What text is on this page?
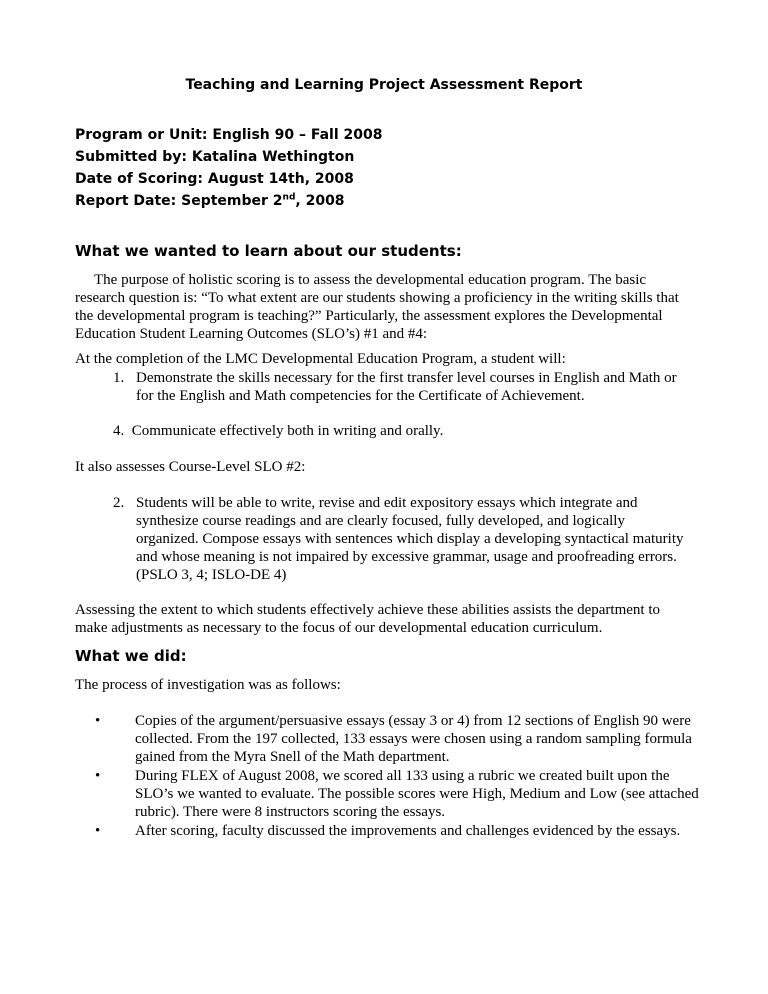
Teaching and Learning Project Assessment Report
Program or Unit: English 90 – Fall 2008
Submitted by: Katalina Wethington
Date of Scoring: August 14th, 2008
Report Date: September 2nd, 2008
What we wanted to learn about our students:
The purpose of holistic scoring is to assess the developmental education program. The basic
research question is: “To what extent are our students showing a proficiency in the writing skills that
the developmental program is teaching?” Particularly, the assessment explores the Developmental
Education Student Learning Outcomes (SLO’s) #1 and #4:
At the completion of the LMC Developmental Education Program, a student will:
1. Demonstrate the skills necessary for the first transfer level courses in English and Math or
for the English and Math competencies for the Certificate of Achievement.
4. Communicate effectively both in writing and orally.
It also assesses Course-Level SLO #2:
2. Students will be able to write, revise and edit expository essays which integrate and
synthesize course readings and are clearly focused, fully developed, and logically
organized. Compose essays with sentences which display a developing syntactical maturity
and whose meaning is not impaired by excessive grammar, usage and proofreading errors.
(PSLO 3, 4; ISLO-DE 4)
Assessing the extent to which students effectively achieve these abilities assists the department to
make adjustments as necessary to the focus of our developmental education curriculum.
What we did:
The process of investigation was as follows:
• Copies of the argument/persuasive essays (essay 3 or 4) from 12 sections of English 90 were
collected. From the 197 collected, 133 essays were chosen using a random sampling formula
gained from the Myra Snell of the Math department.
• During FLEX of August 2008, we scored all 133 using a rubric we created built upon the
SLO’s we wanted to evaluate. The possible scores were High, Medium and Low (see attached
rubric). There were 8 instructors scoring the essays.
• After scoring, faculty discussed the improvements and challenges evidenced by the essays.
